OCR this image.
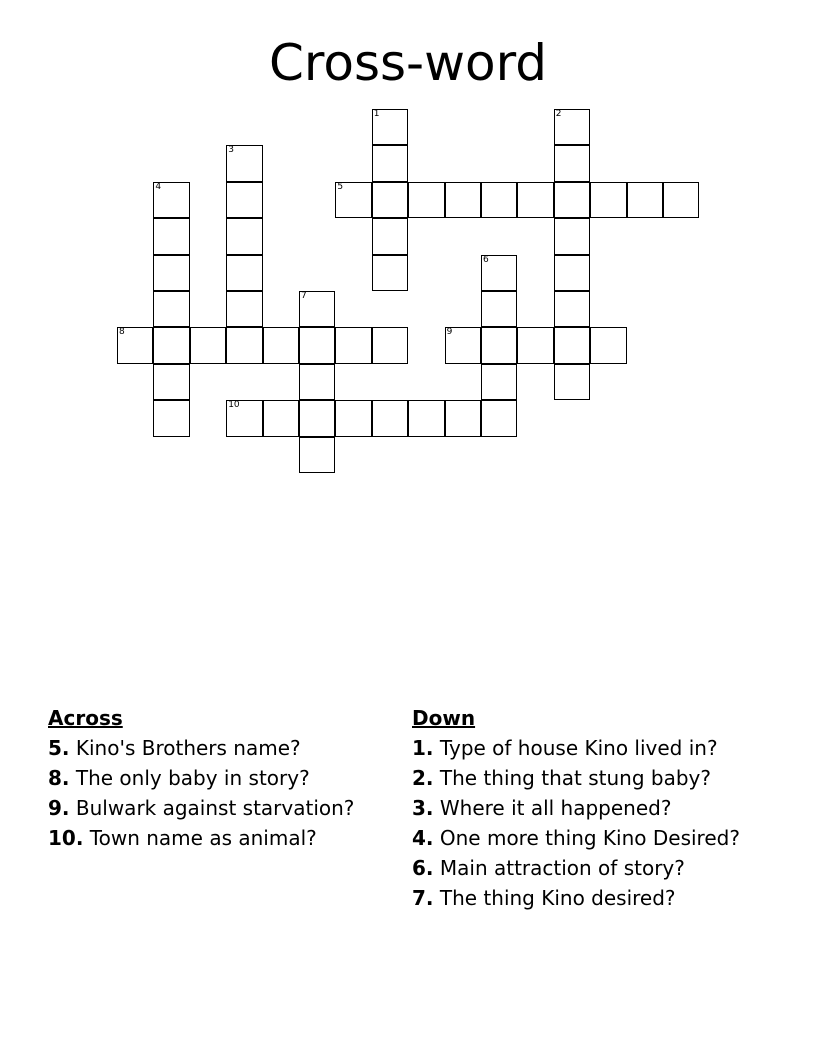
Cross-word
1	2
3
4	5
6
7
8	9
10
Across
5. Kino's Brothers name?
8. The only baby in story?
9. Bulwark against starvation?
10. Town name as animal?
Down
1. Type of house Kino lived in?
2. The thing that stung baby?
3. Where it all happened?
4. One more thing Kino Desired?
6. Main attraction of story?
7. The thing Kino desired?
